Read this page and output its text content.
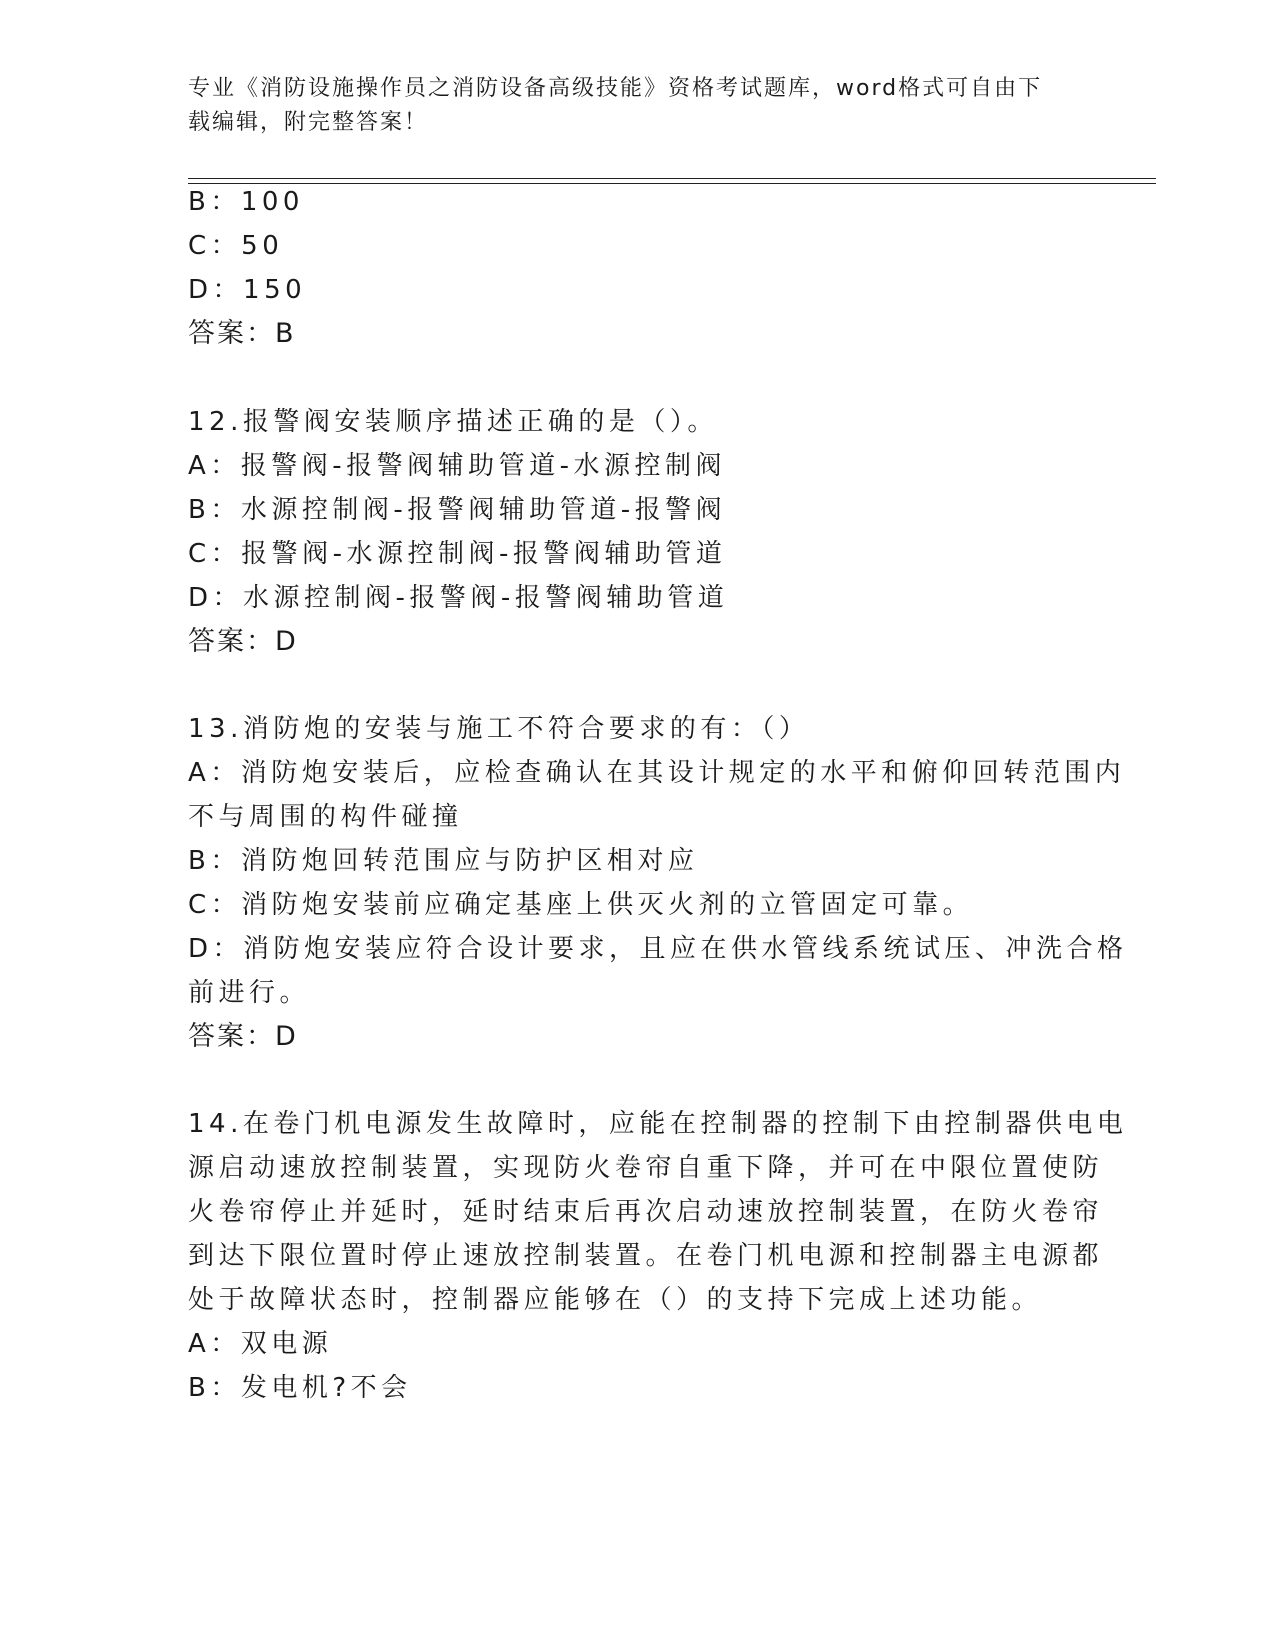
专业《消防设施操作员之消防设备高级技能》资格考试题库，word格式可自由下
载编辑，附完整答案！
B：100
C：50
D：150
答案：B
12.报警阀安装顺序描述正确的是（）。
A：报警阀-报警阀辅助管道-水源控制阀
B：水源控制阀-报警阀辅助管道-报警阀
C：报警阀-水源控制阀-报警阀辅助管道
D：水源控制阀-报警阀-报警阀辅助管道
答案：D
13.消防炮的安装与施工不符合要求的有：（）
A：消防炮安装后，应检查确认在其设计规定的水平和俯仰回转范围内
不与周围的构件碰撞
B：消防炮回转范围应与防护区相对应
C：消防炮安装前应确定基座上供灭火剂的立管固定可靠。
D：消防炮安装应符合设计要求，且应在供水管线系统试压、冲洗合格
前进行。
答案：D
14.在卷门机电源发生故障时，应能在控制器的控制下由控制器供电电
源启动速放控制装置，实现防火卷帘自重下降，并可在中限位置使防
火卷帘停止并延时，延时结束后再次启动速放控制装置，在防火卷帘
到达下限位置时停止速放控制装置。在卷门机电源和控制器主电源都
处于故障状态时，控制器应能够在（）的支持下完成上述功能。
A：双电源
B：发电机?不会
